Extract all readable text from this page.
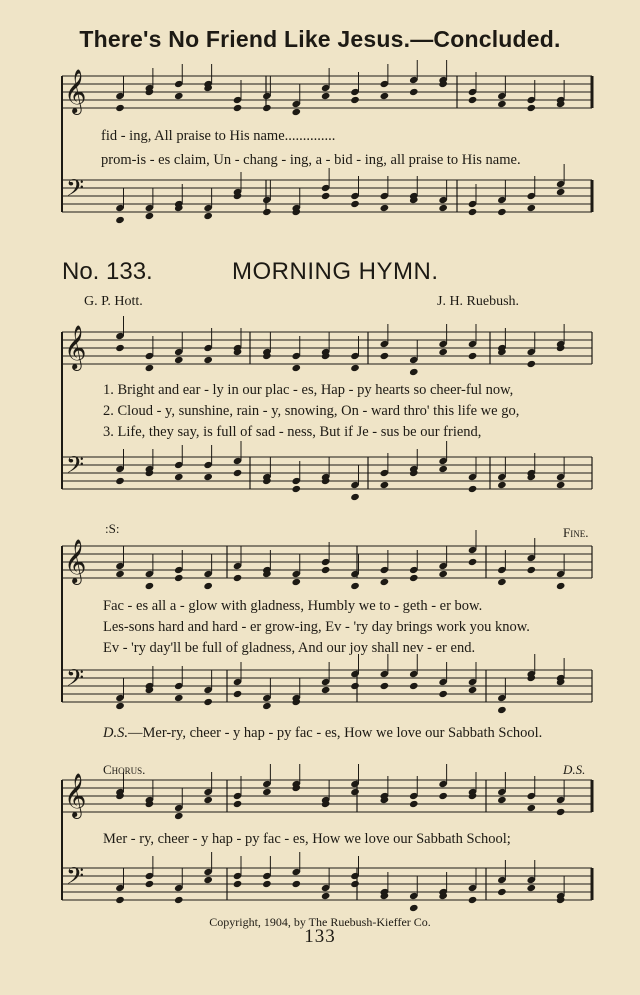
𝄞
𝄢
𝄞
𝄢
𝄞
𝄢
𝄞
𝄢
There's No Friend Like Jesus.—Concluded.
fid - ing, All praise to His name..............
prom-is - es claim, Un - chang - ing, a - bid - ing, all praise to His name.
No. 133.	MORNING HYMN.
G. P. Hott.	J. H. Ruebush.
1. Bright and ear - ly in our plac - es, Hap - py hearts so cheer-ful now,
2. Cloud - y, sunshine, rain - y, snowing, On - ward thro' this life we go,
3. Life, they say, is full of sad - ness, But if Je - sus be our friend,
:S:	Fine.
Fac - es all a - glow with gladness, Humbly we to - geth - er bow.
Les-sons hard and hard - er grow-ing, Ev - 'ry day brings work you know.
Ev - 'ry day'll be full of gladness, And our joy shall nev - er end.
D.S.—Mer-ry, cheer - y hap - py fac - es, How we love our Sabbath School.
Chorus.	D.S.
Mer - ry, cheer - y hap - py fac - es, How we love our Sabbath School;
Copyright, 1904, by The Ruebush-Kieffer Co.
133
